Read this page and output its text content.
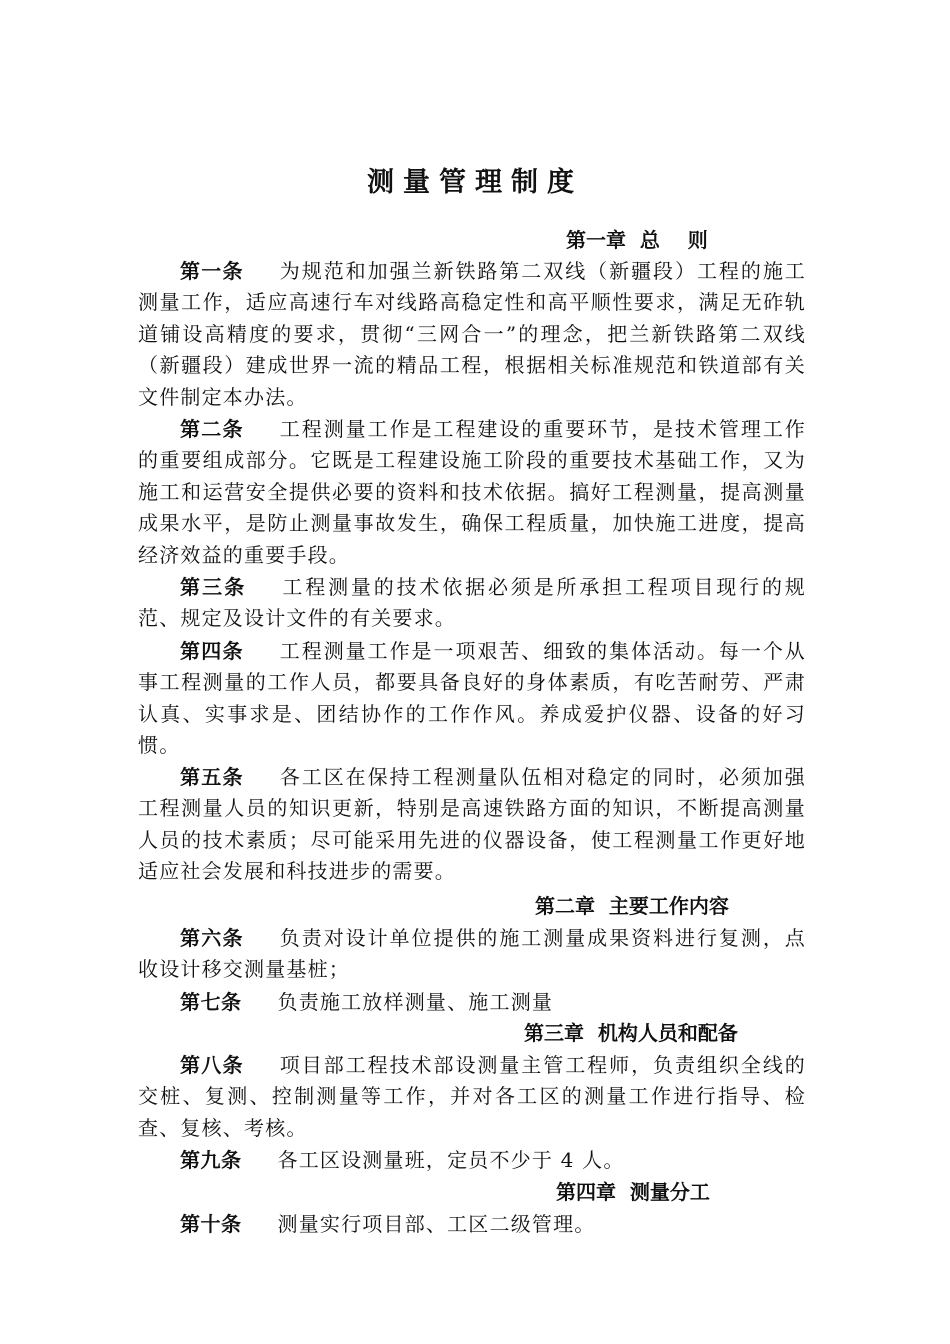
测量管理制度
第一章  总    则
第一条 为规范和加强兰新铁路第二双线（新疆段）工程的施工测量工作，适应高速行车对线路高稳定性和高平顺性要求，满足无砟轨道铺设高精度的要求，贯彻“三网合一”的理念，把兰新铁路第二双线（新疆段）建成世界一流的精品工程，根据相关标准规范和铁道部有关文件制定本办法。
第二条 工程测量工作是工程建设的重要环节，是技术管理工作的重要组成部分。它既是工程建设施工阶段的重要技术基础工作，又为施工和运营安全提供必要的资料和技术依据。搞好工程测量，提高测量成果水平，是防止测量事故发生，确保工程质量，加快施工进度，提高经济效益的重要手段。
第三条 工程测量的技术依据必须是所承担工程项目现行的规范、规定及设计文件的有关要求。
第四条 工程测量工作是一项艰苦、细致的集体活动。每一个从事工程测量的工作人员，都要具备良好的身体素质，有吃苦耐劳、严肃认真、实事求是、团结协作的工作作风。养成爱护仪器、设备的好习惯。
第五条 各工区在保持工程测量队伍相对稳定的同时，必须加强工程测量人员的知识更新，特别是高速铁路方面的知识，不断提高测量人员的技术素质；尽可能采用先进的仪器设备，使工程测量工作更好地适应社会发展和科技进步的需要。
第二章  主要工作内容
第六条 负责对设计单位提供的施工测量成果资料进行复测，点收设计移交测量基桩；
第七条 负责施工放样测量、施工测量
第三章  机构人员和配备
第八条 项目部工程技术部设测量主管工程师，负责组织全线的交桩、复测、控制测量等工作，并对各工区的测量工作进行指导、检查、复核、考核。
第九条 各工区设测量班，定员不少于 4 人。
第四章  测量分工
第十条 测量实行项目部、工区二级管理。
